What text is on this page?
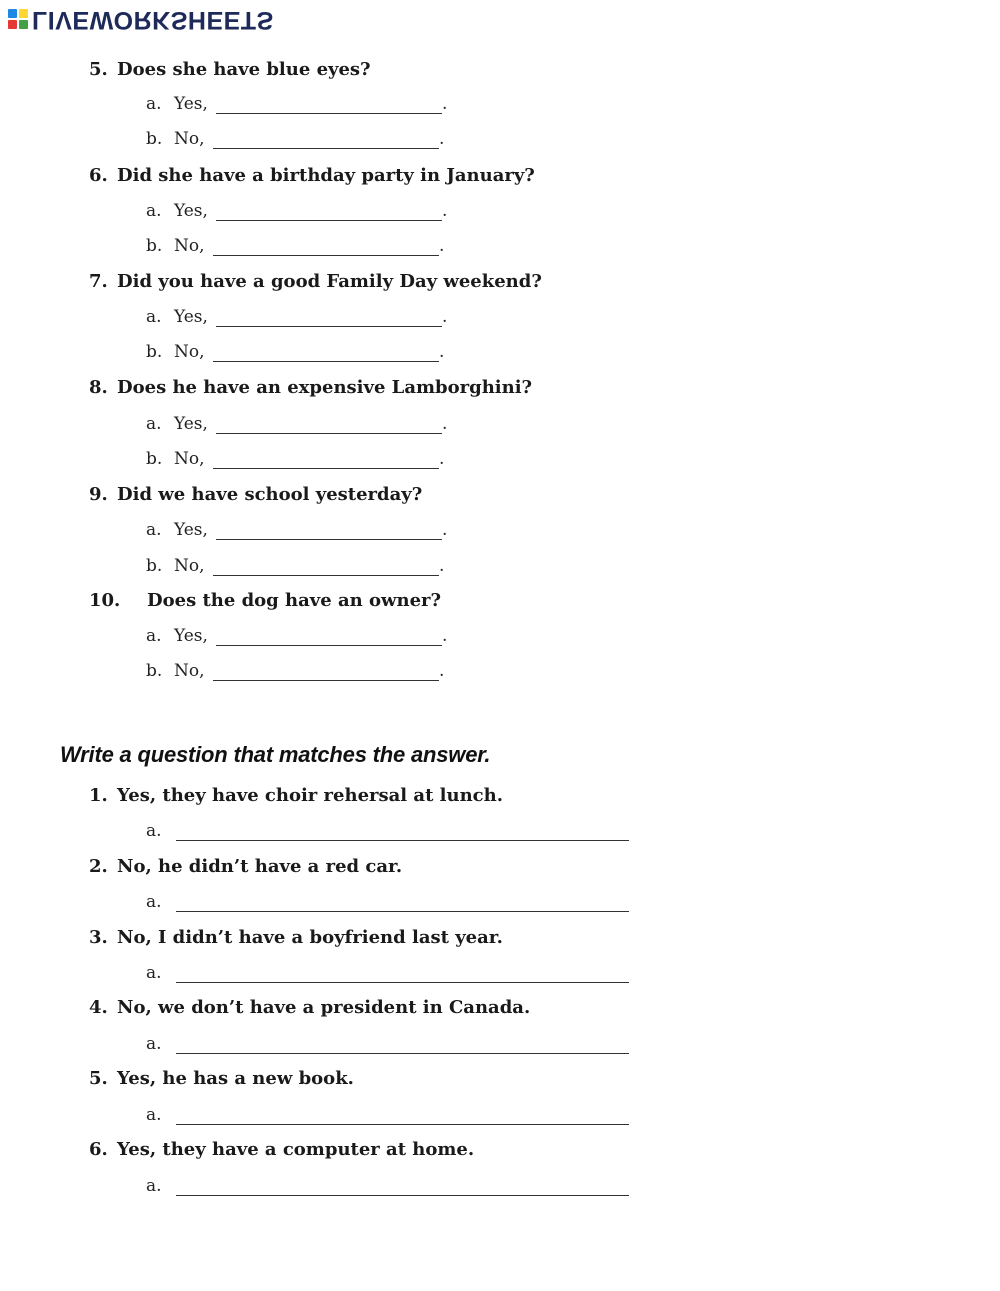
LIVEWORKSHEETS
5. Does she have blue eyes?
a. Yes,	.
b. No,	.
6. Did she have a birthday party in January?
a. Yes,	.
b. No,	.
7. Did you have a good Family Day weekend?
a. Yes,	.
b. No,	.
8. Does he have an expensive Lamborghini?
a. Yes,	.
b. No,	.
9. Did we have school yesterday?
a. Yes,	.
b. No,	.
10. Does the dog have an owner?
a. Yes,	.
b. No,	.
Write a question that matches the answer.
1. Yes, they have choir rehersal at lunch.
a.
2. No, he didn’t have a red car.
a.
3. No, I didn’t have a boyfriend last year.
a.
4. No, we don’t have a president in Canada.
a.
5. Yes, he has a new book.
a.
6. Yes, they have a computer at home.
a.
